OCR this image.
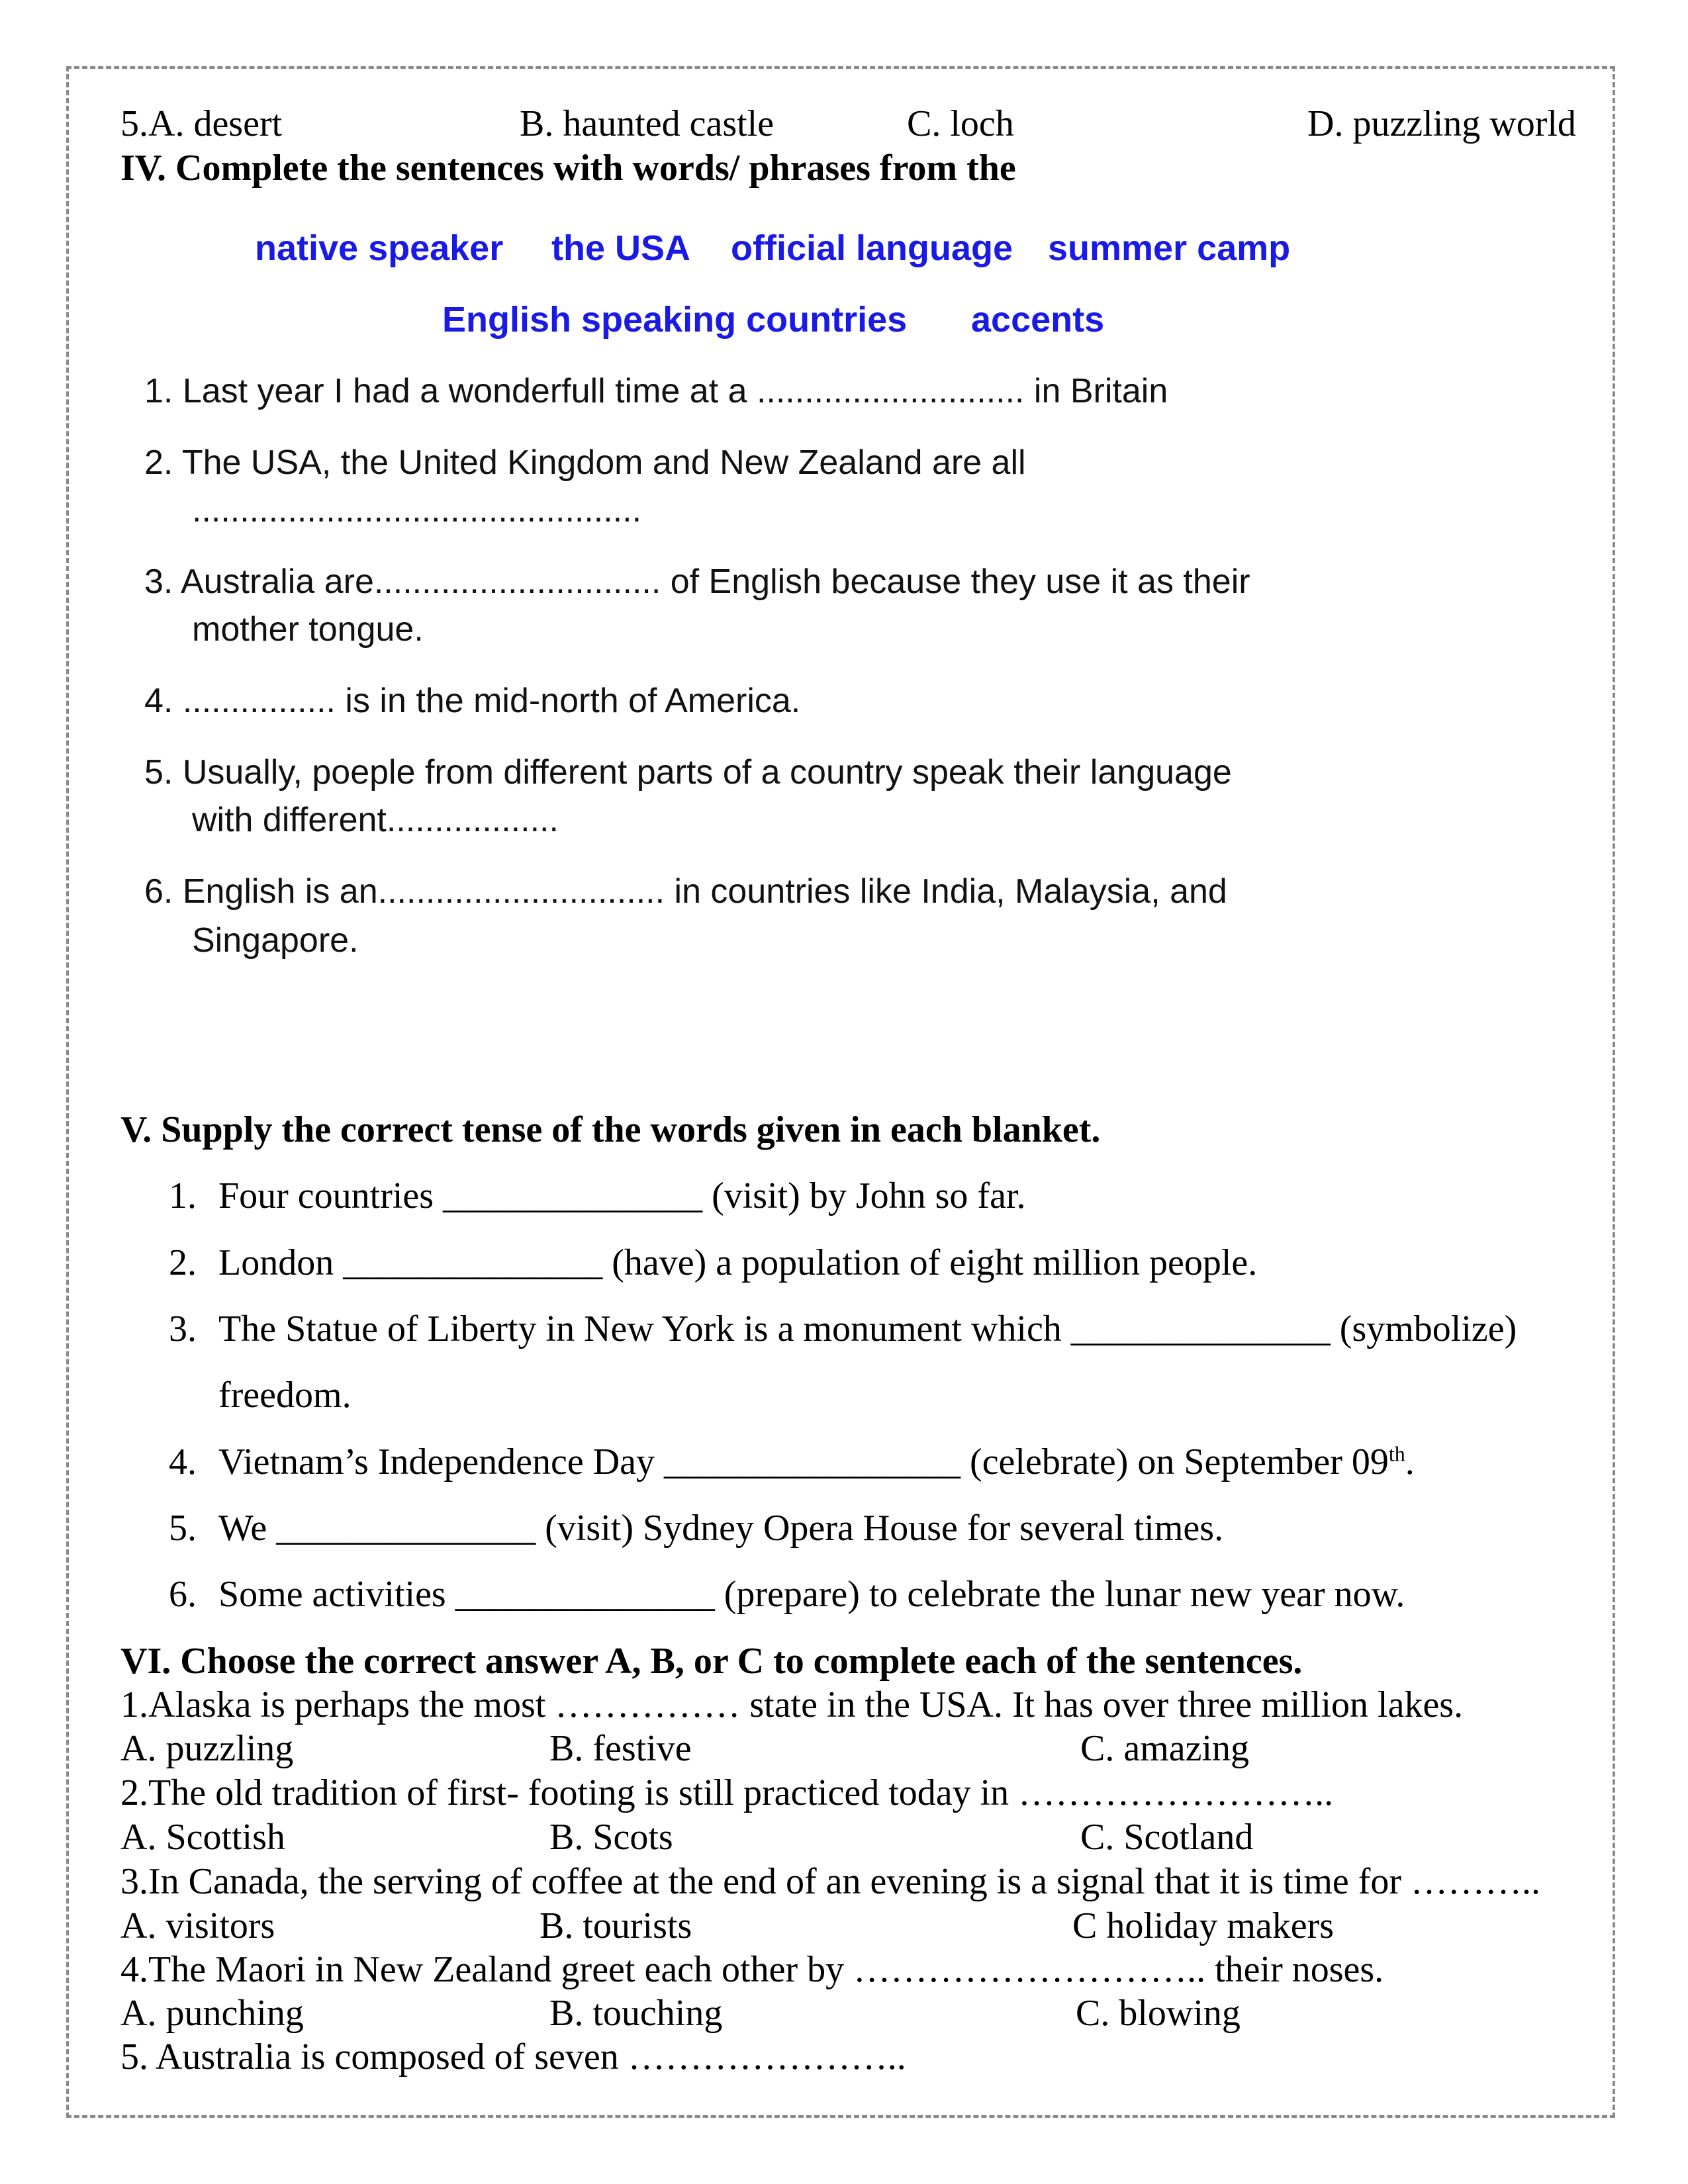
5.A. desert	B. haunted castle	C. loch	D. puzzling world
IV. Complete the sentences with words/ phrases from the
native speaker the USA official language summer camp
English speaking countries accents
1. Last year I had a wonderfull time at a ............................ in Britain
2. The USA, the United Kingdom and New Zealand are all
...............................................
3. Australia are.............................. of English because they use it as their
mother tongue.
4. ................ is in the mid-north of America.
5. Usually, poeple from different parts of a country speak their language
with different..................
6. English is an.............................. in countries like India, Malaysia, and
Singapore.
V. Supply the correct tense of the words given in each blanket.
1. Four countries ______________ (visit) by John so far.
2. London ______________ (have) a population of eight million people.
3. The Statue of Liberty in New York is a monument which ______________ (symbolize)
freedom.
4. Vietnam’s Independence Day ________________ (celebrate) on September 09th.
5. We ______________ (visit) Sydney Opera House for several times.
6. Some activities ______________ (prepare) to celebrate the lunar new year now.
VI. Choose the correct answer A, B, or C to complete each of the sentences.
1.Alaska is perhaps the most …………… state in the USA. It has over three million lakes.
A. puzzling	B. festive	C. amazing
2.The old tradition of first- footing is still practiced today in ……………………..
A. Scottish	B. Scots	C. Scotland
3.In Canada, the serving of coffee at the end of an evening is a signal that it is time for ………..
A. visitors	B. tourists	C holiday makers
4.The Maori in New Zealand greet each other by ……………………….. their noses.
A. punching	B. touching	C. blowing
5. Australia is composed of seven …………………..
